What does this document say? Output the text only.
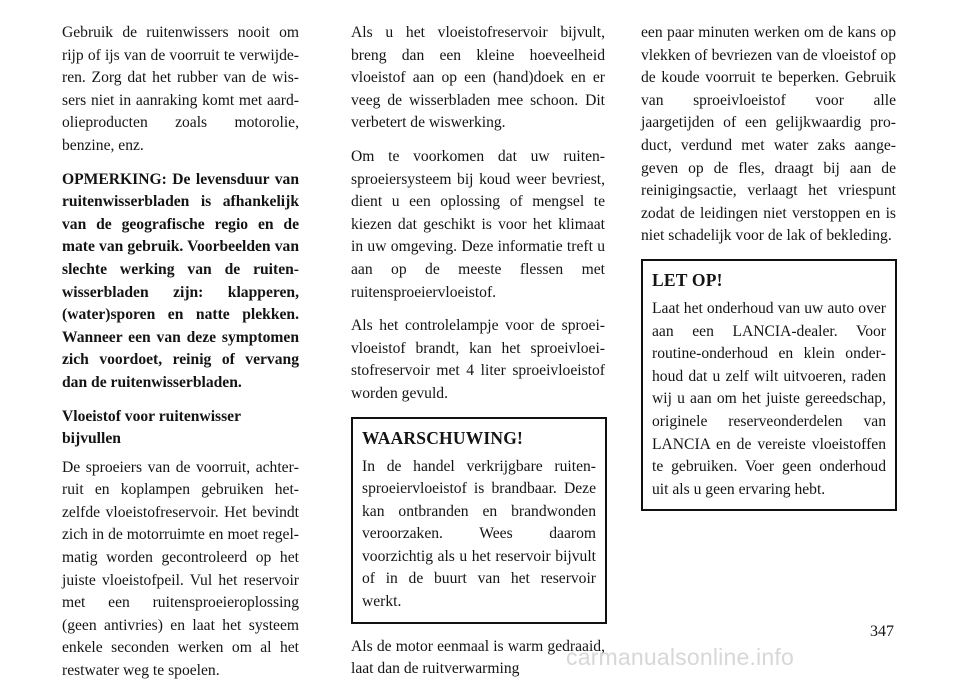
Gebruik de ruitenwissers nooit om rijp of ijs van de voorruit te verwijderen. Zorg dat het rubber van de wissers niet in aanraking komt met aardolieproducten zoals motorolie, benzine, enz.

OPMERKING: De levensduur van ruitenwisserbladen is afhankelijk van de geografische regio en de mate van gebruik. Voorbeelden van slechte werking van de ruitenwisserbladen zijn: klapperen, (water)sporen en natte plekken. Wanneer een van deze symptomen zich voordoet, reinig of vervang dan de ruitenwisserbladen.

Vloeistof voor ruitenwisser bijvullen

De sproeiers van de voorruit, achterruit en koplampen gebruiken hetzelfde vloeistofreservoir. Het bevindt zich in de motorruimte en moet regelmatig worden gecontroleerd op het juiste vloeistofpeil. Vul het reservoir met een ruitensproeieroplossing (geen antivries) en laat het systeem enkele seconden werken om al het restwater weg te spoelen.

Als u het vloeistofreservoir bijvult, breng dan een kleine hoeveelheid vloeistof aan op een (hand)doek en er veeg de wisserbladen mee schoon. Dit verbetert de wiswerking.

Om te voorkomen dat uw ruitensproeiersysteem bij koud weer bevriest, dient u een oplossing of mengsel te kiezen dat geschikt is voor het klimaat in uw omgeving. Deze informatie treft u aan op de meeste flessen met ruitensproeiervloeistof.

Als het controlelampje voor de sproeivloeistof brandt, kan het sproeivloeistofreservoir met 4 liter sproeivloeistof worden gevuld.

WAARSCHUWING!

In de handel verkrijgbare ruitensproeiervloeistof is brandbaar. Deze kan ontbranden en brandwonden veroorzaken. Wees daarom voorzichtig als u het reservoir bijvult of in de buurt van het reservoir werkt.

Als de motor eenmaal is warm gedraaid, laat dan de ruitverwarming

een paar minuten werken om de kans op vlekken of bevriezen van de vloeistof op de koude voorruit te beperken. Gebruik van sproeivloeistof voor alle jaargetijden of een gelijkwaardig product, verdund met water zaks aangegeven op de fles, draagt bij aan de reinigingsactie, verlaagt het vriespunt zodat de leidingen niet verstoppen en is niet schadelijk voor de lak of bekleding.

LET OP!

Laat het onderhoud van uw auto over aan een LANCIA-dealer. Voor routine-onderhoud en klein onderhoud dat u zelf wilt uitvoeren, raden wij u aan om het juiste gereedschap, originele reserveonderdelen van LANCIA en de vereiste vloeistoffen te gebruiken. Voer geen onderhoud uit als u geen ervaring hebt.

347
carmanualsonline.info
